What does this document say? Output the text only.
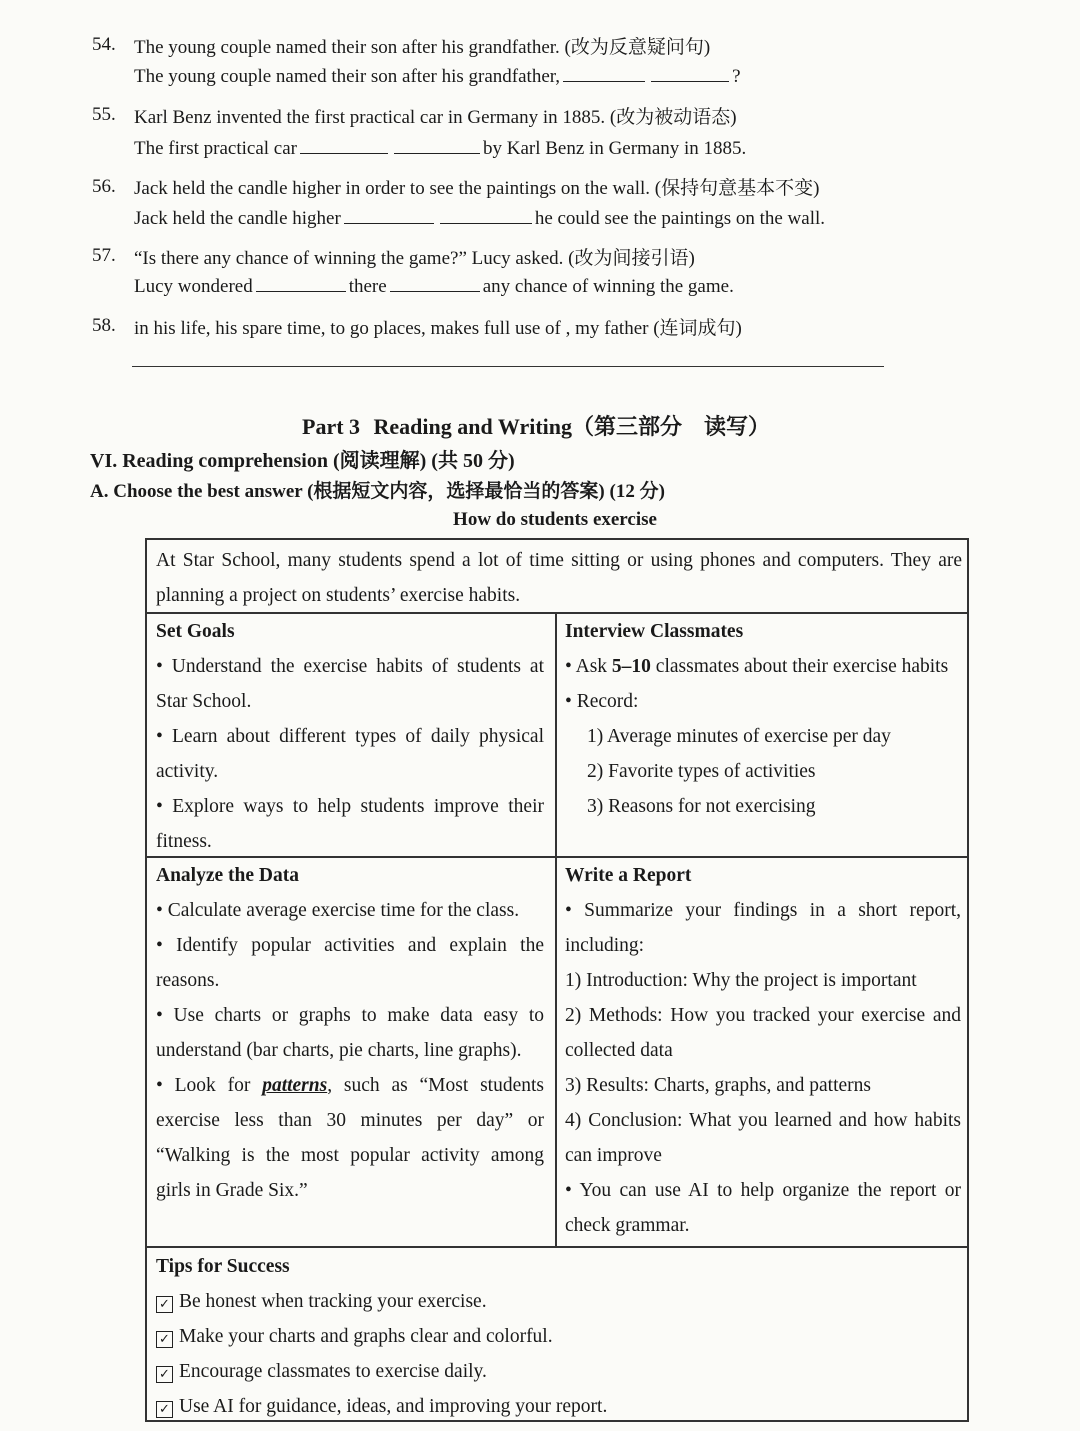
54. The young couple named their son after his grandfather. (改为反意疑问句)
The young couple named their son after his grandfather,	?
55. Karl Benz invented the first practical car in Germany in 1885. (改为被动语态)
The first practical car	by Karl Benz in Germany in 1885.
56. Jack held the candle higher in order to see the paintings on the wall. (保持句意基本不变)
Jack held the candle higher	he could see the paintings on the wall.
57. “Is there any chance of winning the game?” Lucy asked. (改为间接引语)
Lucy wondered	there	any chance of winning the game.
58. in his life, his spare time, to go places, makes full use of , my father (连词成句)
Part 3 Reading and Writing（第三部分　读写）
VI. Reading comprehension (阅读理解) (共 50 分)
A. Choose the best answer (根据短文内容，选择最恰当的答案) (12 分)
How do students exercise
At Star School, many students spend a lot of time sitting or using phones and computers. They are planning a project on students’ exercise habits.

Set Goals

• Understand the exercise habits of students at Star School.

• Learn about different types of daily physical activity.

• Explore ways to help students improve their fitness.

Interview Classmates

• Ask 5–10 classmates about their exercise habits

• Record:

1) Average minutes of exercise per day

2) Favorite types of activities

3) Reasons for not exercising

Analyze the Data

• Calculate average exercise time for the class.

• Identify popular activities and explain the reasons.

• Use charts or graphs to make data easy to understand (bar charts, pie charts, line graphs).

• Look for patterns, such as “Most students exercise less than 30 minutes per day” or “Walking is the most popular activity among girls in Grade Six.”

Write a Report

• Summarize your findings in a short report, including:

1) Introduction: Why the project is important

2) Methods: How you tracked your exercise and collected data

3) Results: Charts, graphs, and patterns

4) Conclusion: What you learned and how habits can improve

• You can use AI to help organize the report or check grammar.

Tips for Success

✓ Be honest when tracking your exercise.

✓ Make your charts and graphs clear and colorful.

✓ Encourage classmates to exercise daily.

✓ Use AI for guidance, ideas, and improving your report.
